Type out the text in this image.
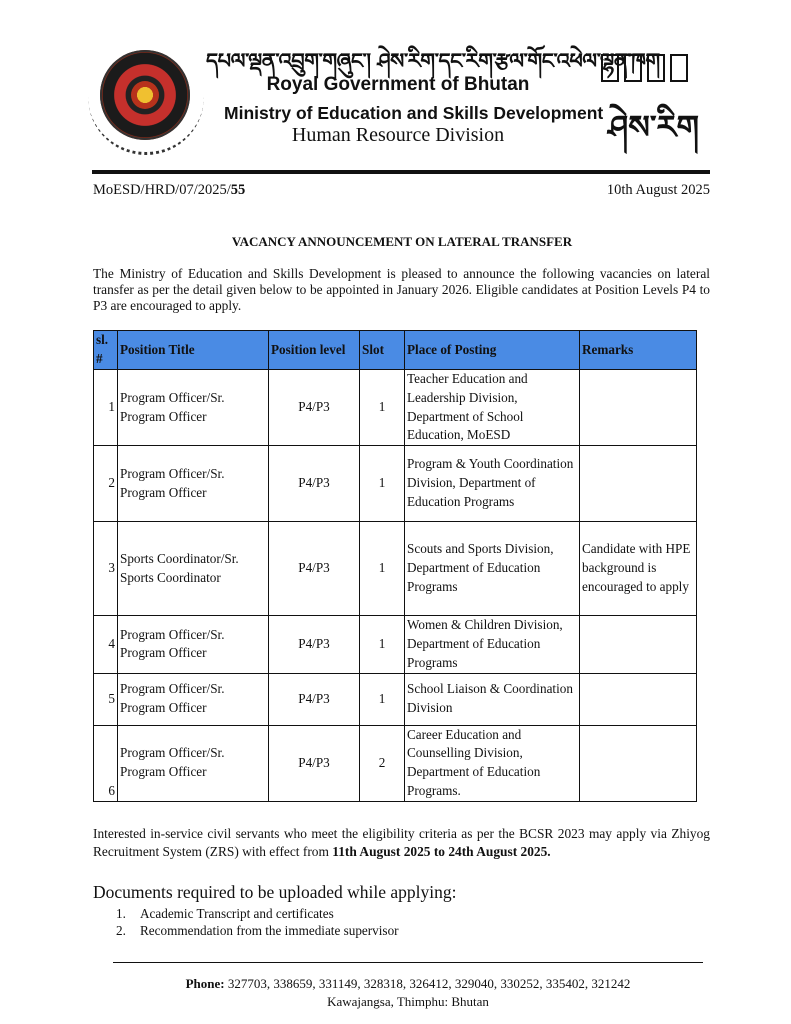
དཔལ་ལྡན་འབྲུག་གཞུང་། ཤེས་རིག་དང་རིག་རྩལ་གོང་འཕེལ་ལྷན་ཁག
Royal Government of Bhutan
Ministry of Education and Skills Development
Human Resource Division	ཤེས་རིག
MoESD/HRD/07/2025/55	10th August 2025
VACANCY ANNOUNCEMENT ON LATERAL TRANSFER
The Ministry of Education and Skills Development is pleased to announce the following vacancies on lateral transfer as per the detail given below to be appointed in January 2026. Eligible candidates at Position Levels P4 to P3 are encouraged to apply.
sl. #	Position Title	Position level	Slot	Place of Posting	Remarks
1	Program Officer/Sr. Program Officer	P4/P3	1	Teacher Education and Leadership Division, Department of School Education, MoESD	
2	Program Officer/Sr. Program Officer	P4/P3	1	Program & Youth Coordination Division, Department of Education Programs	
3	Sports Coordinator/Sr. Sports Coordinator	P4/P3	1	Scouts and Sports Division, Department of Education Programs	Candidate with HPE background is encouraged to apply
4	Program Officer/Sr. Program Officer	P4/P3	1	Women & Children Division, Department of Education Programs	
5	Program Officer/Sr. Program Officer	P4/P3	1	School Liaison & Coordination Division	
6	Program Officer/Sr. Program Officer	P4/P3	2	Career Education and Counselling Division, Department of Education Programs.	
Interested in-service civil servants who meet the eligibility criteria as per the BCSR 2023 may apply via Zhiyog Recruitment System (ZRS) with effect from 11th August 2025 to 24th August 2025.
Documents required to be uploaded while applying:
1. Academic Transcript and certificates
2. Recommendation from the immediate supervisor
Phone: 327703, 338659, 331149, 328318, 326412, 329040, 330252, 335402, 321242
Kawajangsa, Thimphu: Bhutan
